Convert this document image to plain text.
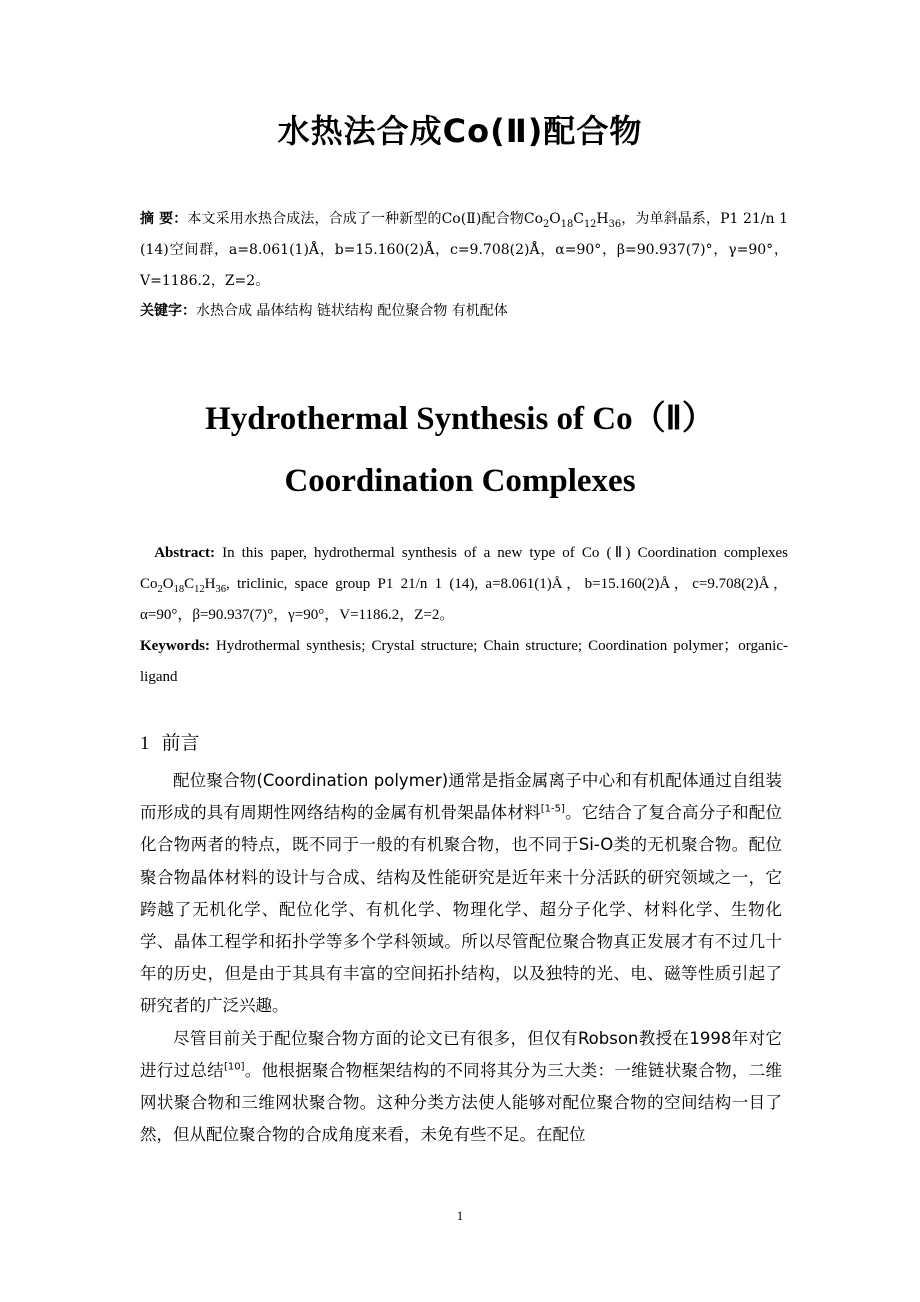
水热法合成Co(Ⅱ)配合物
摘 要：本文采用水热合成法，合成了一种新型的Co(Ⅱ)配合物$Co_2O_{18}C_{12}H_{36}$，为单斜晶系，P1 21/n 1 (14)空间群，a=8.061(1)Å，b=15.160(2)Å，c=9.708(2)Å，α=90°，β=90.937(7)°，γ=90°，V=1186.2，Z=2。
关键字：水热合成 晶体结构 链状结构 配位聚合物 有机配体
Hydrothermal Synthesis of Co（Ⅱ）
Coordination Complexes
Abstract: In this paper, hydrothermal synthesis of a new type of Co (Ⅱ) Coordination complexes $Co_2O_{18}C_{12}H_{36}$, triclinic, space group P1 21/n 1 (14), a=8.061(1)Å，b=15.160(2)Å，c=9.708(2)Å，α=90°，β=90.937(7)°，γ=90°，V=1186.2，Z=2。
Keywords: Hydrothermal synthesis; Crystal structure; Chain structure; Coordination polymer；organic-ligand
1 前言

配位聚合物(Coordination polymer)通常是指金属离子中心和有机配体通过自组装而形成的具有周期性网络结构的金属有机骨架晶体材料[1-5]。它结合了复合高分子和配位化合物两者的特点，既不同于一般的有机聚合物，也不同于Si-O类的无机聚合物。配位聚合物晶体材料的设计与合成、结构及性能研究是近年来十分活跃的研究领域之一，它跨越了无机化学、配位化学、有机化学、物理化学、超分子化学、材料化学、生物化学、晶体工程学和拓扑学等多个学科领域。所以尽管配位聚合物真正发展才有不过几十年的历史，但是由于其具有丰富的空间拓扑结构，以及独特的光、电、磁等性质引起了研究者的广泛兴趣。

尽管目前关于配位聚合物方面的论文已有很多，但仅有Robson教授在1998年对它进行过总结[10]。他根据聚合物框架结构的不同将其分为三大类：一维链状聚合物，二维网状聚合物和三维网状聚合物。这种分类方法使人能够对配位聚合物的空间结构一目了然，但从配位聚合物的合成角度来看，未免有些不足。在配位

1
